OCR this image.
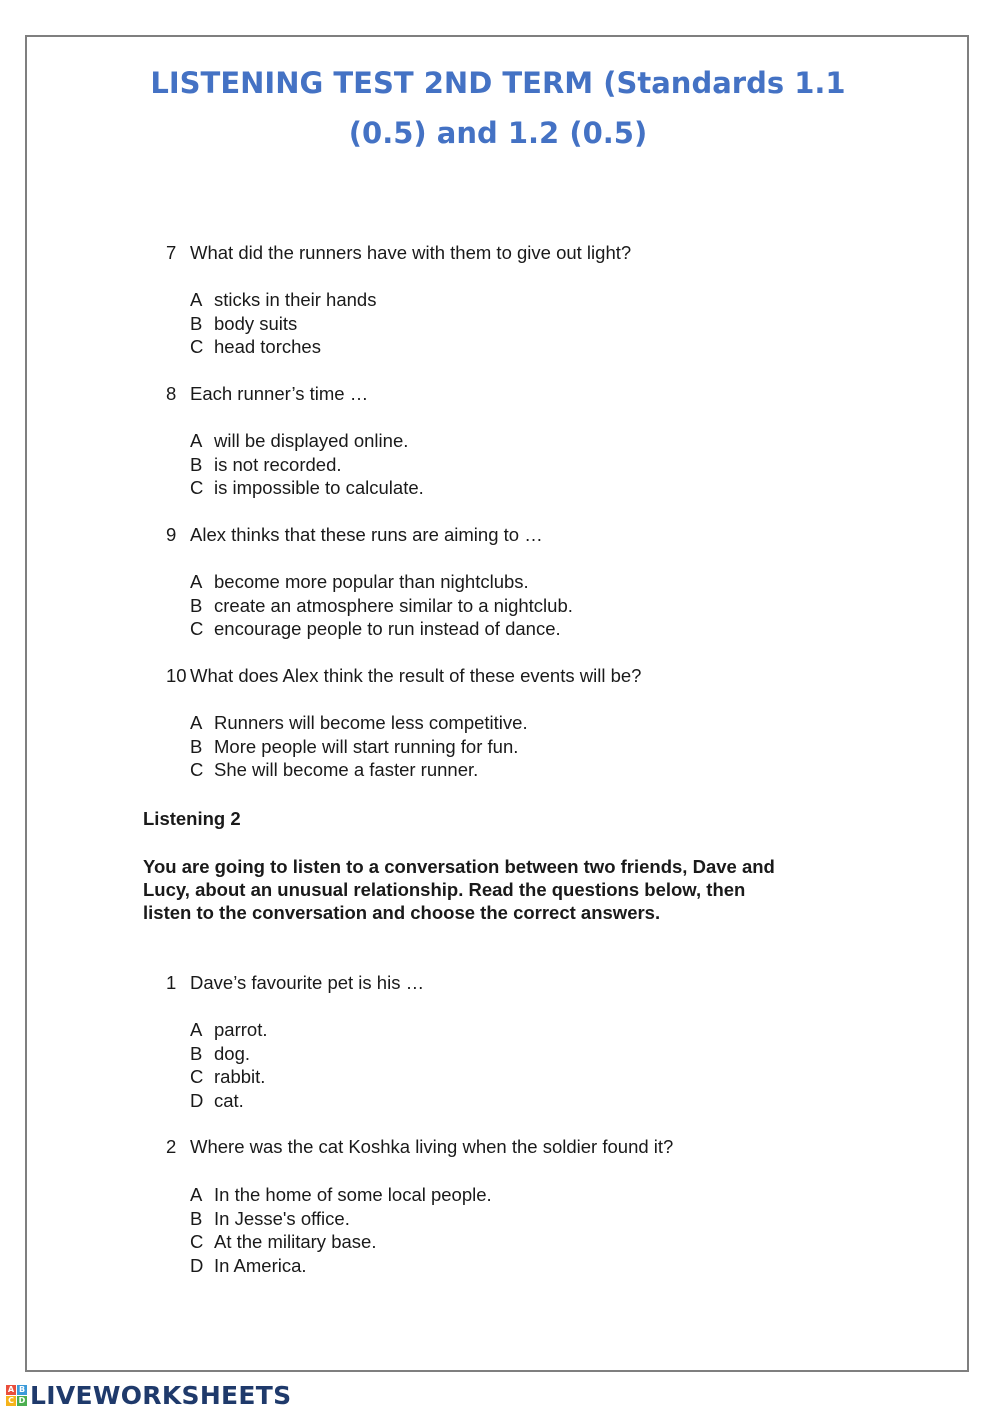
LISTENING TEST 2ND TERM (Standards 1.1
(0.5) and 1.2 (0.5)
7 What did the runners have with them to give out light?
A sticks in their hands
B body suits
C head torches
8 Each runner’s time …
A will be displayed online.
B is not recorded.
C is impossible to calculate.
9 Alex thinks that these runs are aiming to …
A become more popular than nightclubs.
B create an atmosphere similar to a nightclub.
C encourage people to run instead of dance.
10 What does Alex think the result of these events will be?
A Runners will become less competitive.
B More people will start running for fun.
C She will become a faster runner.
Listening 2
You are going to listen to a conversation between two friends, Dave and
Lucy, about an unusual relationship. Read the questions below, then
listen to the conversation and choose the correct answers.
1 Dave’s favourite pet is his …
A parrot.
B dog.
C rabbit.
D cat.
2 Where was the cat Koshka living when the soldier found it?
A In the home of some local people.
B In Jesse's office.
C At the military base.
D In America.
A B
C D LIVEWORKSHEETS
